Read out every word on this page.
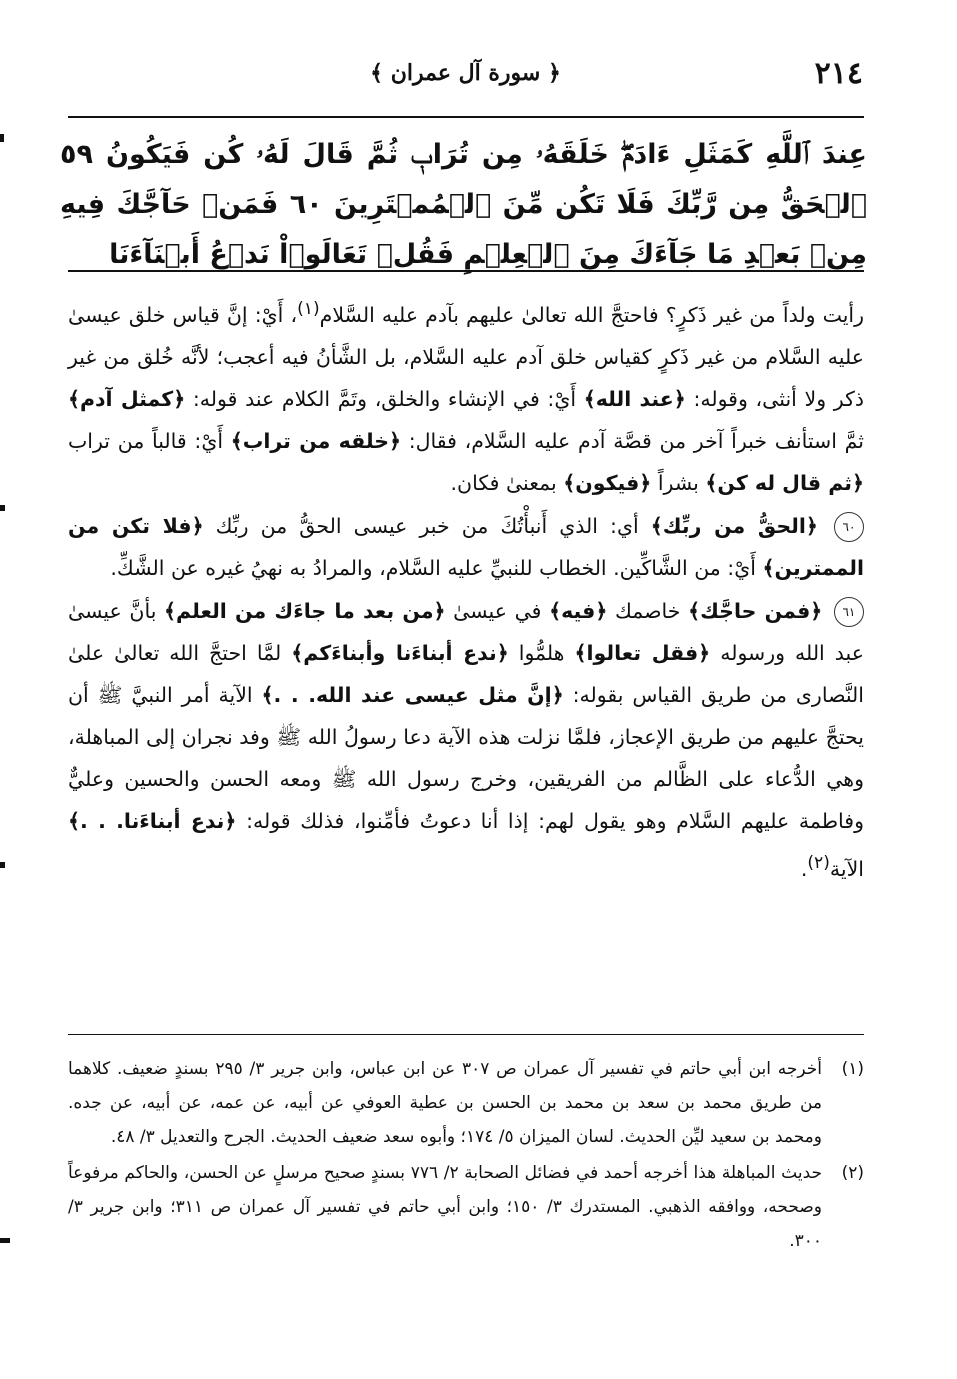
٢١٤
﴿ سورة آل عمران ﴾
عِندَ ٱللَّهِ كَمَثَلِ ءَادَمَۖ خَلَقَهُۥ مِن تُرَابٖ ثُمَّ قَالَ لَهُۥ كُن فَيَكُونُ ٥٩ ٱلۡحَقُّ مِن رَّبِّكَ فَلَا تَكُن مِّنَ ٱلۡمُمۡتَرِينَ ٦٠ فَمَنۡ حَآجَّكَ فِيهِ مِنۢ بَعۡدِ مَا جَآءَكَ مِنَ ٱلۡعِلۡمِ فَقُلۡ تَعَالَوۡاْ نَدۡعُ أَبۡنَآءَنَا

رأيت ولداً من غير ذَكرٍ؟ فاحتجَّ الله تعالىٰ عليهم بآدم عليه السَّلام$^{(١)}$، أَيْ: إنَّ قياس خلق عيسىٰ عليه السَّلام من غير ذَكرٍ كقياس خلق آدم عليه السَّلام، بل الشَّأنُ فيه أعجب؛ لأنَّه خُلق من غير ذكر ولا أنثى، وقوله: ﴿عند الله﴾ أَيْ: في الإنشاء والخلق، وتَمَّ الكلام عند قوله: ﴿كمثل آدم﴾ ثمَّ استأنف خبراً آخر من قصَّة آدم عليه السَّلام، فقال: ﴿خلقه من تراب﴾ أَيْ: قالباً من تراب ﴿ثم قال له كن﴾ بشراً ﴿فيكون﴾ بمعنىٰ فكان.

٦٠ ﴿الحقُّ من ربِّك﴾ أي: الذي أَنبأْتُكَ من خبر عيسى الحقُّ من ربِّك ﴿فلا تكن من الممترين﴾ أَيْ: من الشَّاكِّين. الخطاب للنبيِّ عليه السَّلام، والمرادُ به نهيُ غيره عن الشَّكِّ.

٦١ ﴿فمن حاجَّك﴾ خاصمك ﴿فيه﴾ في عيسىٰ ﴿من بعد ما جاءَك من العلم﴾ بأنَّ عيسىٰ عبد الله ورسوله ﴿فقل تعالوا﴾ هلمُّوا ﴿ندع أبناءَنا وأبناءَكم﴾ لمَّا احتجَّ الله تعالىٰ علىٰ النَّصارى من طريق القياس بقوله: ﴿إنَّ مثل عيسى عند الله. . .﴾ الآية أمر النبيَّ ﷺ أن يحتجَّ عليهم من طريق الإعجاز، فلمَّا نزلت هذه الآية دعا رسولُ الله ﷺ وفد نجران إلى المباهلة، وهي الدُّعاء على الظَّالم من الفريقين، وخرج رسول الله ﷺ ومعه الحسن والحسين وعليٌّ وفاطمة عليهم السَّلام وهو يقول لهم: إذا أنا دعوتُ فأمِّنوا، فذلك قوله: ﴿ندع أبناءَنا. . .﴾ الآية$^{(٢)}$.

(١)
أخرجه ابن أبي حاتم في تفسير آل عمران ص ٣٠٧ عن ابن عباس، وابن جرير ٣/ ٢٩٥ بسندٍ ضعيف. كلاهما من طريق محمد بن سعد بن محمد بن الحسن بن عطية العوفي عن أبيه، عن عمه، عن أبيه، عن جده. ومحمد بن سعيد ليِّن الحديث. لسان الميزان ٥/ ١٧٤؛ وأبوه سعد ضعيف الحديث. الجرح والتعديل ٣/ ٤٨.
(٢)
حديث المباهلة هذا أخرجه أحمد في فضائل الصحابة ٢/ ٧٧٦ بسندٍ صحيح مرسلٍ عن الحسن، والحاكم مرفوعاً وصححه، ووافقه الذهبي. المستدرك ٣/ ١٥٠؛ وابن أبي حاتم في تفسير آل عمران ص ٣١١؛ وابن جرير ٣/ ٣٠٠.
